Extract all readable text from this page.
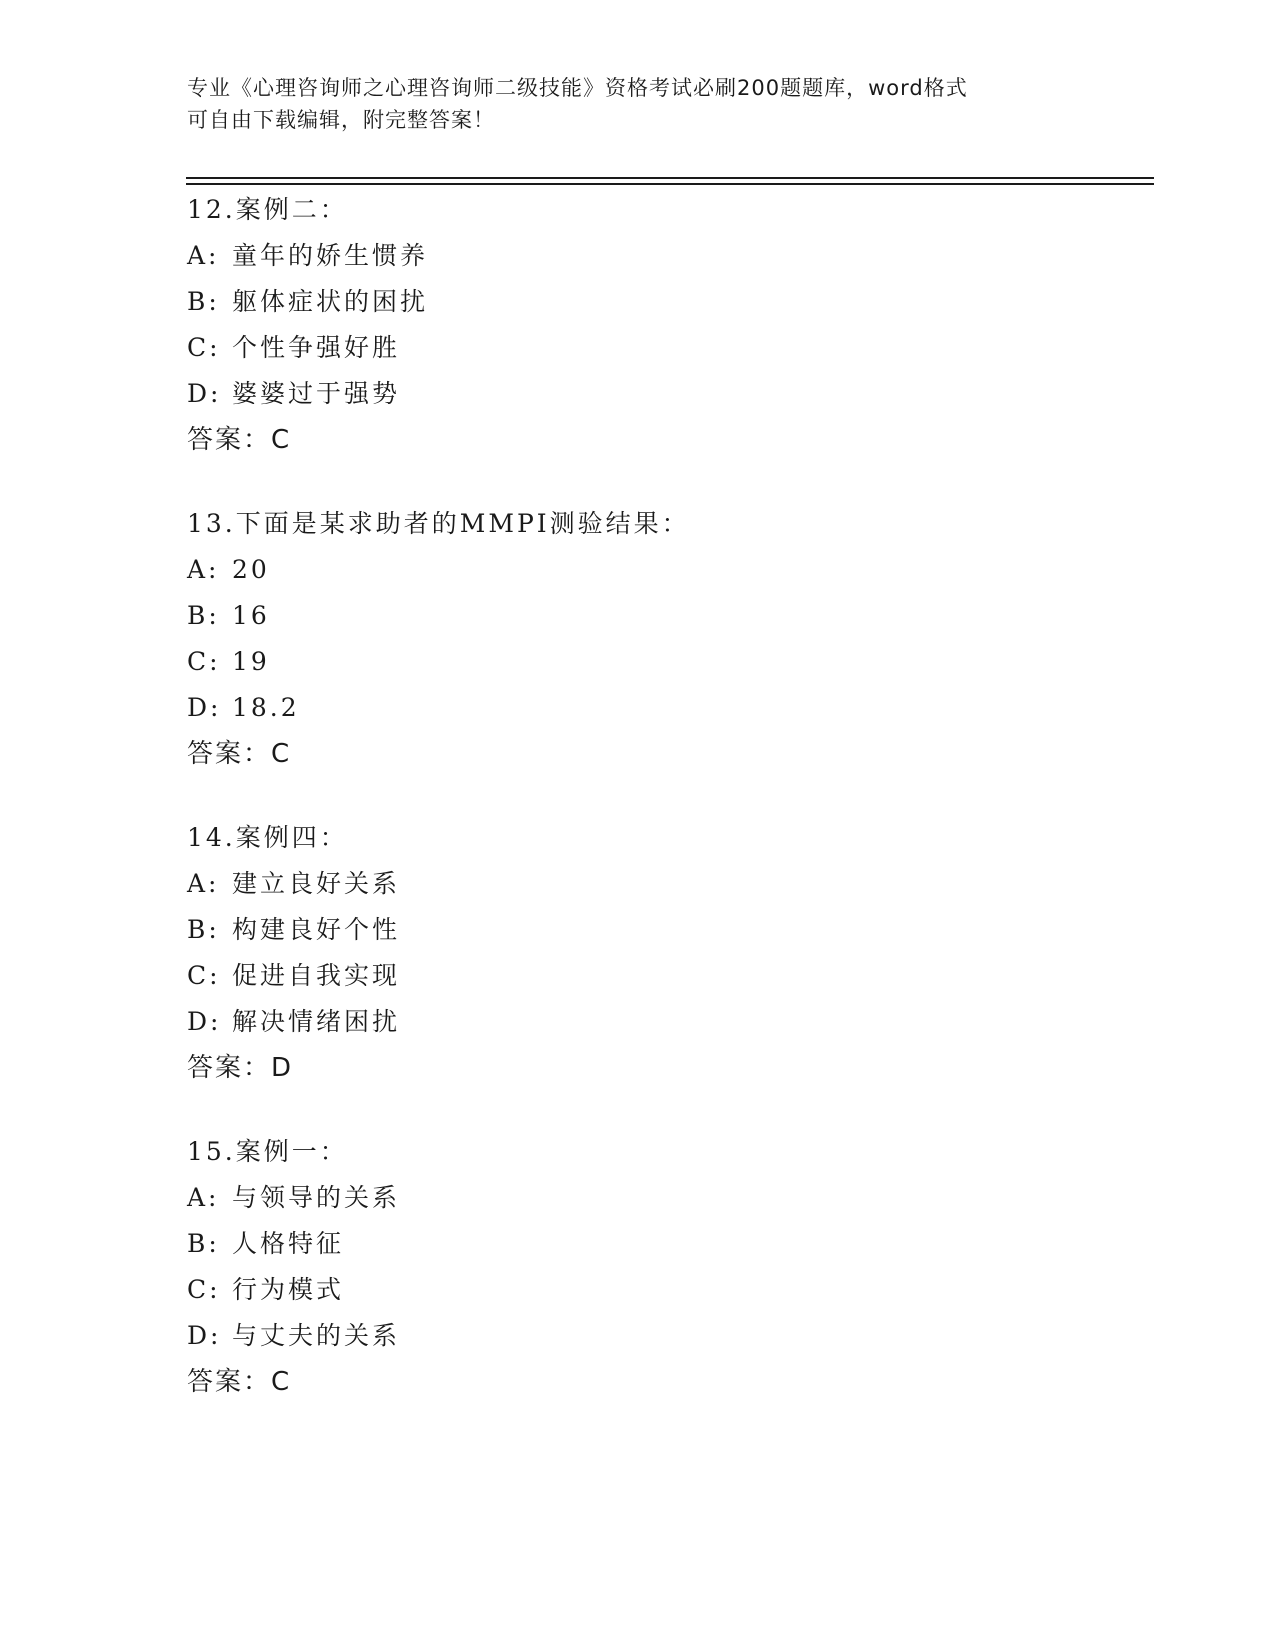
专业《心理咨询师之心理咨询师二级技能》资格考试必刷200题题库，word格式
可自由下载编辑，附完整答案！
12.案例二：
A: 童年的娇生惯养
B: 躯体症状的困扰
C: 个性争强好胜
D: 婆婆过于强势
答案：C
13.下面是某求助者的MMPI测验结果：
A: 20
B: 16
C: 19
D: 18.2
答案：C
14.案例四：
A: 建立良好关系
B: 构建良好个性
C: 促进自我实现
D: 解决情绪困扰
答案：D
15.案例一：
A: 与领导的关系
B: 人格特征
C: 行为模式
D: 与丈夫的关系
答案：C
